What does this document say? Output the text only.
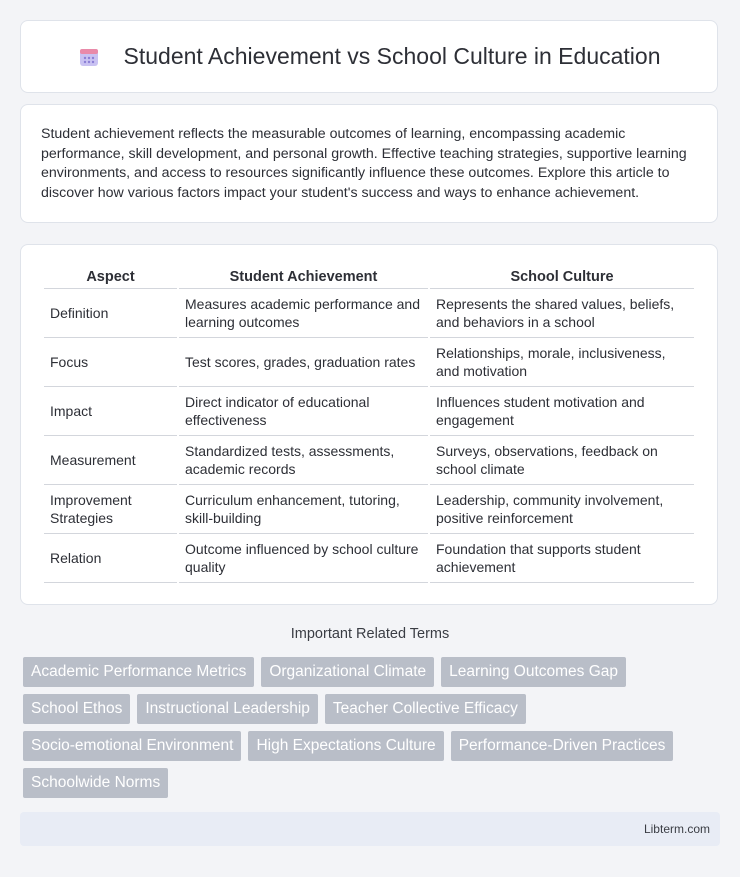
Student Achievement vs School Culture in Education

Student achievement reflects the measurable outcomes of learning, encompassing academic performance, skill development, and personal growth. Effective teaching strategies, supportive learning environments, and access to resources significantly influence these outcomes. Explore this article to discover how various factors impact your student's success and ways to enhance achievement.

Aspect	Student Achievement	School Culture
Definition	Measures academic performance and learning outcomes	Represents the shared values, beliefs, and behaviors in a school
Focus	Test scores, grades, graduation rates	Relationships, morale, inclusiveness, and motivation
Impact	Direct indicator of educational effectiveness	Influences student motivation and engagement
Measurement	Standardized tests, assessments, academic records	Surveys, observations, feedback on school climate
Improvement Strategies	Curriculum enhancement, tutoring, skill-building	Leadership, community involvement, positive reinforcement
Relation	Outcome influenced by school culture quality	Foundation that supports student achievement
Important Related Terms
Academic Performance Metrics	Organizational Climate	Learning Outcomes Gap
School Ethos	Instructional Leadership	Teacher Collective Efficacy
Socio-emotional Environment	High Expectations Culture	Performance-Driven Practices
Schoolwide Norms
Libterm.com
